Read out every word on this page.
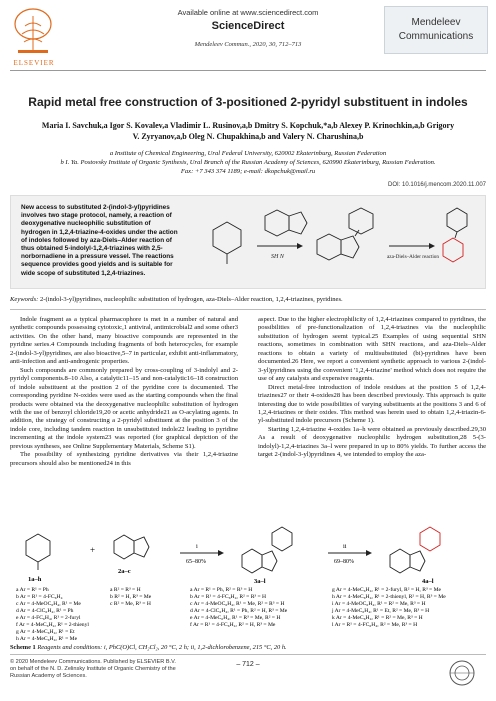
ELSEVIER
Available online at www.sciencedirect.com
ScienceDirect
Mendeleev Commun., 2020, 30, 712–713
Mendeleev
Communications
Rapid metal free construction of 3-positioned 2-pyridyl substituent in indoles
Maria I. Savchuk,a Igor S. Kovalev,a Vladimir L. Rusinov,a,b Dmitry S. Kopchuk,*a,b Alexey P. Krinochkin,a,b Grigory V. Zyryanov,a,b Oleg N. Chupakhina,b and Valery N. Charushina,b
a Institute of Chemical Engineering, Ural Federal University, 620002 Ekaterinburg, Russian Federation
b I. Ya. Postovsky Institute of Organic Synthesis, Ural Branch of the Russian Academy of Sciences, 620990 Ekaterinburg, Russian Federation. Fax: +7 343 374 1189; e-mail: dkopchuk@mail.ru
DOI: 10.1016/j.mencom.2020.11.007
New access to substituted 2-(indol-3-yl)pyridines involves two stage protocol, namely, a reaction of deoxygenative nucleophilic substitution of hydrogen in 1,2,4-triazine-4-oxides under the action of indoles followed by aza-Diels–Alder reaction of thus obtained 5-indolyl-1,2,4-triazines with 2,5-norbornadiene in a pressure vessel. The reactions sequence provides good yields and is suitable for wide scope of substituted 1,2,4-triazines.
SH N	aza-Diels–Alder reaction
Keywords: 2-(indol-3-yl)pyridines, nucleophilic substitution of hydrogen, aza-Diels–Alder reaction, 1,2,4-triazines, pyridines.

Indole fragment as a typical pharmacophore is met in a number of natural and synthetic compounds possessing cytotoxic,1 antiviral, antimicrobial2 and some other3 activities. On the other hand, many bioactive compounds are represented in the pyridine series.4 Compounds including fragments of both heterocycles, for example 2-(indol-3-yl)pyridines, are also bioactive,5–7 in particular, exhibit anti-inflammatory, anti-infection and anti-androgenic properties.

Such compounds are commonly prepared by cross-coupling of 3-indolyl and 2-pyridyl components.8–10 Also, a catalytic11–15 and non-catalytic16–18 construction of indole substituent at the position 2 of the pyridine core is documented. The corresponding pyridine N-oxides were used as the starting compounds when the final products were obtained via the deoxygenative nucleophilic substitution of hydrogen with the use of benzoyl chloride19,20 or acetic anhydride21 as O-acylating agents. In addition, the strategy of constructing a 2-pyridyl substituent at the position 3 of the indole core, including tandem reaction in unsubstituted indole22 leading to pyridine incrementing at the indole system23 was reported (for graphical depiction of the previous syntheses, see Online Supplementary Materials, Scheme S1).

The possibility of synthesizing pyridine derivatives via their 1,2,4-triazine precursors should also be mentioned24 in this

aspect. Due to the higher electrophilicity of 1,2,4-triazines compared to pyridines, the possibilities of pre-functionalization of 1,2,4-triazines via the nucleophilic substitution of hydrogen seemt typical.25 Examples of using sequential SHN reactions, sometimes in combination with SHN reactions, and aza-Diels–Alder reactions to obtain a variety of multisubstituted (bi)-pyridines have been documented.26 Here, we report a convenient synthetic approach to various 2-(indol-3-yl)pyridines using the convenient '1,2,4-triazine' method which does not require the use of any catalysts and expensive reagents.

Direct metal-free introduction of indole residues at the position 5 of 1,2,4-triazines27 or their 4-oxides28 has been described previously. This approach is quite interesting due to wide possibilities of varying substituents at the positions 3 and 6 of 1,2,4-triazines or their oxides. This method was herein used to obtain 1,2,4-triazin-6-yl-substituted indole precursors (Scheme 1).

Starting 1,2,4-triazine 4-oxides 1a–h were obtained as previously described.29,30 As a result of deoxygenative nucleophilic hydrogen substitution,28 5-(3-indolyl)-1,2,4-triazines 3a–l were prepared in up to 80% yields. To further access the target 2-(indol-3-yl)pyridines 4, we intended to employ the aza-

1a–h
+
2a–c
i
65–80%
3a–l
ii
69–80%
4a–l
a Ar = R¹ = Ph
b Ar = R¹ = 4-FC₆H₄
c Ar = 4-MeOC₆H₄, R¹ = Me
d Ar = 4-ClC₆H₄, R¹ = Ph
e Ar = 4-FC₆H₄, R¹ = 2-furyl
f Ar = 4-MeC₆H₄, R¹ = 2-thienyl
g Ar = 4-MeC₆H₄, R¹ = Et
h Ar = 4-MeC₆H₄, R¹ = Me
a R² = R³ = H
b R² = H, R³ = Me
c R² = Me, R³ = H
a Ar = R¹ = Ph, R² = R³ = H
b Ar = R¹ = 4-FC₆H₄, R² = R³ = H
c Ar = 4-MeOC₆H₄, R¹ = Me, R² = R³ = H
d Ar = 4-ClC₆H₄, R¹ = Ph, R² = H, R³ = Me
e Ar = 4-MeC₆H₄, R¹ = R³ = Me, R² = H
f Ar = R¹ = 4-FC₆H₄, R² = H, R³ = Me
g Ar = 4-MeC₆H₄, R¹ = 2-furyl, R² = H, R³ = Me
h Ar = 4-MeC₆H₄, R¹ = 2-thienyl, R² = H, R³ = Me
i Ar = 4-MeOC₆H₄, R¹ = R² = Me, R³ = H
j Ar = 4-MeC₆H₄, R¹ = Et, R² = Me, R³ = H
k Ar = 4-MeC₆H₄, R¹ = R² = Me, R³ = H
l Ar = R¹ = 4-FC₆H₄, R² = Me, R³ = H
Scheme 1 Reagents and conditions: i, PhC(O)Cl, CH₂Cl₂, 20 °C, 2 h; ii, 1,2-dichlorobenzene, 215 °C, 20 h.
© 2020 Mendeleev Communications. Published by ELSEVIER B.V. on behalf of the N. D. Zelinsky Institute of Organic Chemistry of the Russian Academy of Sciences.
– 712 –
